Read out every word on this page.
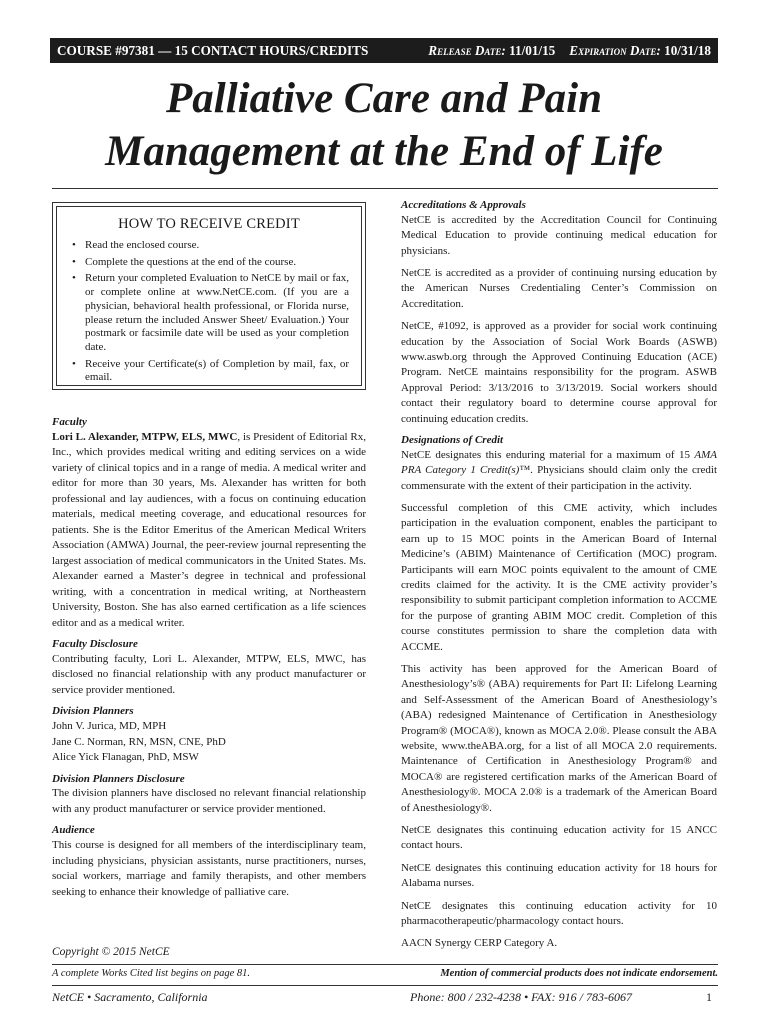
COURSE #97381 — 15 CONTACT HOURS/CREDITS	Release Date: 11/01/15	Expiration Date: 10/31/18
Palliative Care and Pain
Management at the End of Life
HOW TO RECEIVE CREDIT
• Read the enclosed course.
• Complete the questions at the end of the course.
• Return your completed Evaluation to NetCE by mail or fax, or complete online at www.NetCE.com. (If you are a physician, behavioral health professional, or Florida nurse, please return the included Answer Sheet/ Evaluation.) Your postmark or facsimile date will be used as your completion date.
• Receive your Certificate(s) of Completion by mail, fax, or email.
Faculty
Lori L. Alexander, MTPW, ELS, MWC, is President of Editorial Rx, Inc., which provides medical writing and editing services on a wide variety of clinical topics and in a range of media. A medical writer and editor for more than 30 years, Ms. Alexander has written for both professional and lay audiences, with a focus on continuing education materials, medical meeting coverage, and educational resources for patients. She is the Editor Emeritus of the American Medical Writers Association (AMWA) Journal, the peer-review journal representing the largest association of medical communicators in the United States. Ms. Alexander earned a Master’s degree in technical and professional writing, with a concentration in medical writing, at Northeastern University, Boston. She has also earned certification as a life sciences editor and as a medical writer.
Faculty Disclosure
Contributing faculty, Lori L. Alexander, MTPW, ELS, MWC, has disclosed no financial relationship with any product manufacturer or service provider mentioned.
Division Planners
John V. Jurica, MD, MPH
Jane C. Norman, RN, MSN, CNE, PhD
Alice Yick Flanagan, PhD, MSW
Division Planners Disclosure
The division planners have disclosed no relevant financial relationship with any product manufacturer or service provider mentioned.
Audience
This course is designed for all members of the interdisciplinary team, including physicians, physician assistants, nurse practitioners, nurses, social workers, marriage and family therapists, and other members seeking to enhance their knowledge of palliative care.
Accreditations & Approvals
NetCE is accredited by the Accreditation Council for Continuing Medical Education to provide continuing medical education for physicians.
NetCE is accredited as a provider of continuing nursing education by the American Nurses Credentialing Center’s Commission on Accreditation.
NetCE, #1092, is approved as a provider for social work continuing education by the Association of Social Work Boards (ASWB) www.aswb.org through the Approved Continuing Education (ACE) Program. NetCE maintains responsibility for the program. ASWB Approval Period: 3/13/2016 to 3/13/2019. Social workers should contact their regulatory board to determine course approval for continuing education credits.
Designations of Credit
NetCE designates this enduring material for a maximum of 15 AMA PRA Category 1 Credit(s)™. Physicians should claim only the credit commensurate with the extent of their participation in the activity.
Successful completion of this CME activity, which includes participation in the evaluation component, enables the participant to earn up to 15 MOC points in the American Board of Internal Medicine’s (ABIM) Maintenance of Certification (MOC) program. Participants will earn MOC points equivalent to the amount of CME credits claimed for the activity. It is the CME activity provider’s responsibility to submit participant completion information to ACCME for the purpose of granting ABIM MOC credit. Completion of this course constitutes permission to share the completion data with ACCME.
This activity has been approved for the American Board of Anesthesiology’s® (ABA) requirements for Part II: Lifelong Learning and Self-Assessment of the American Board of Anesthesiology’s (ABA) redesigned Maintenance of Certification in Anesthesiology Program® (MOCA®), known as MOCA 2.0®. Please consult the ABA website, www.theABA.org, for a list of all MOCA 2.0 requirements. Maintenance of Certification in Anesthesiology Program® and MOCA® are registered certification marks of the American Board of Anesthesiology®. MOCA 2.0® is a trademark of the American Board of Anesthesiology®.
NetCE designates this continuing education activity for 15 ANCC contact hours.
NetCE designates this continuing education activity for 18 hours for Alabama nurses.
NetCE designates this continuing education activity for 10 pharmacotherapeutic/pharmacology contact hours.
AACN Synergy CERP Category A.
Copyright © 2015 NetCE
A complete Works Cited list begins on page 81.	Mention of commercial products does not indicate endorsement.
NetCE • Sacramento, California	Phone: 800 / 232-4238 • FAX: 916 / 783-6067	1
